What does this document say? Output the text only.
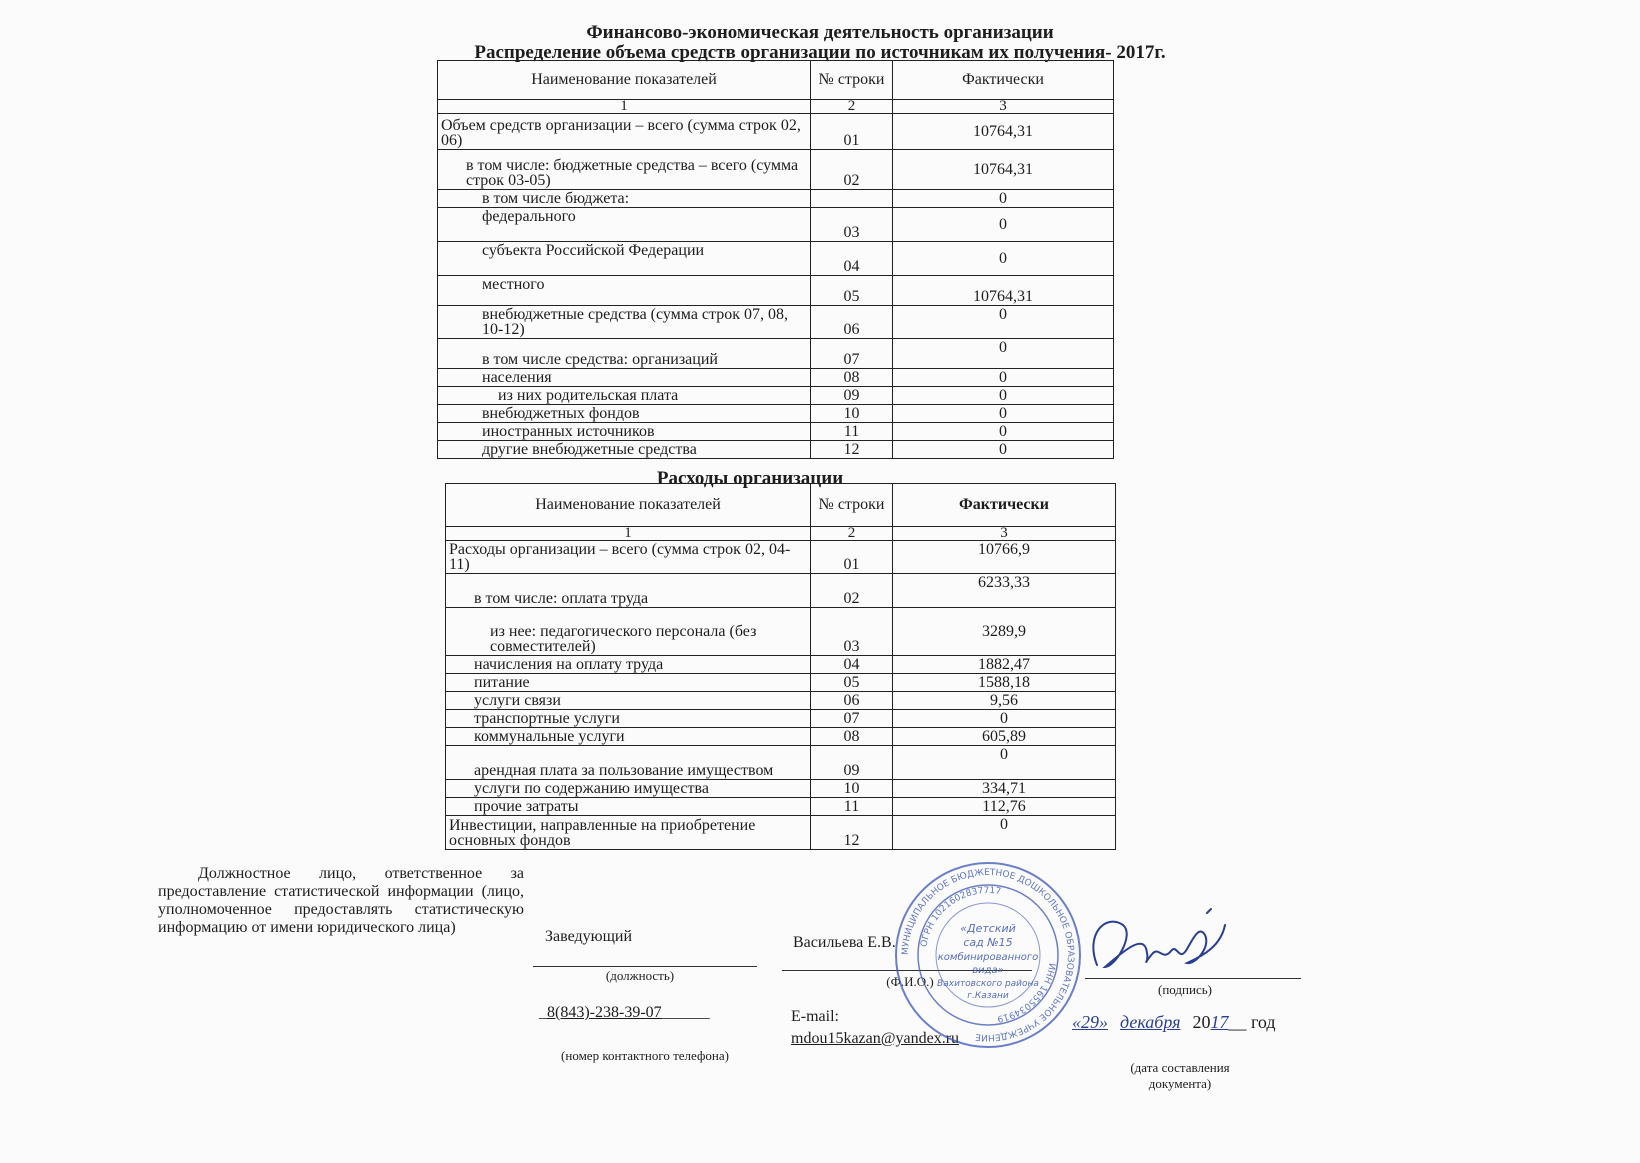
Финансово-экономическая деятельность организации
Распределение объема средств организации по источникам их получения- 2017г.
Наименование показателей	№ строки	Фактически
1	2	3
Объем средств организации – всего (сумма строк 02, 06)	01	10764,31
в том числе: бюджетные средства – всего (сумма строк 03-05)	02	10764,31
в том числе бюджета:		0
федерального	03	0
субъекта Российской Федерации	04	0
местного	05	10764,31
внебюджетные средства (сумма строк 07, 08, 10-12)	06	0
в том числе средства: организаций	07	0
населения	08	0
из них родительская плата	09	0
внебюджетных фондов	10	0
иностранных источников	11	0
другие внебюджетные средства	12	0
Расходы организации
Наименование показателей	№ строки	Фактически
1	2	3
Расходы организации – всего (сумма строк 02, 04-11)	01	10766,9
в том числе: оплата труда	02	6233,33
из нее: педагогического персонала (без совместителей)	03	3289,9
начисления на оплату труда	04	1882,47
питание	05	1588,18
услуги связи	06	9,56
транспортные услуги	07	0
коммунальные услуги	08	605,89
арендная плата за пользование имуществом	09	0
услуги по содержанию имущества	10	334,71
прочие затраты	11	112,76
Инвестиции, направленные на приобретение основных фондов	12	0

Должностное лицо, ответственное за предоставление статистической информации (лицо, уполномоченное предоставлять статистическую информацию от имени юридического лица)

Заведующий
(должность)
Васильева Е.В.
(Ф.И.О.)
(подпись)
_8(843)-238-39-07______
(номер контактного телефона)
E-mail:
mdou15kazan@yandex.ru
«29» декабря 2017__ год
(дата составления документа)
МУНИЦИПАЛЬНОЕ БЮДЖЕТНОЕ ДОШКОЛЬНОЕ ОБРАЗОВАТЕЛЬНОЕ УЧРЕЖДЕНИЕ
ОГРН 1021602837717
ИНН 1655034919
«Детский
сад №15
комбинированного
вида»
Вахитовского района
г.Казани
